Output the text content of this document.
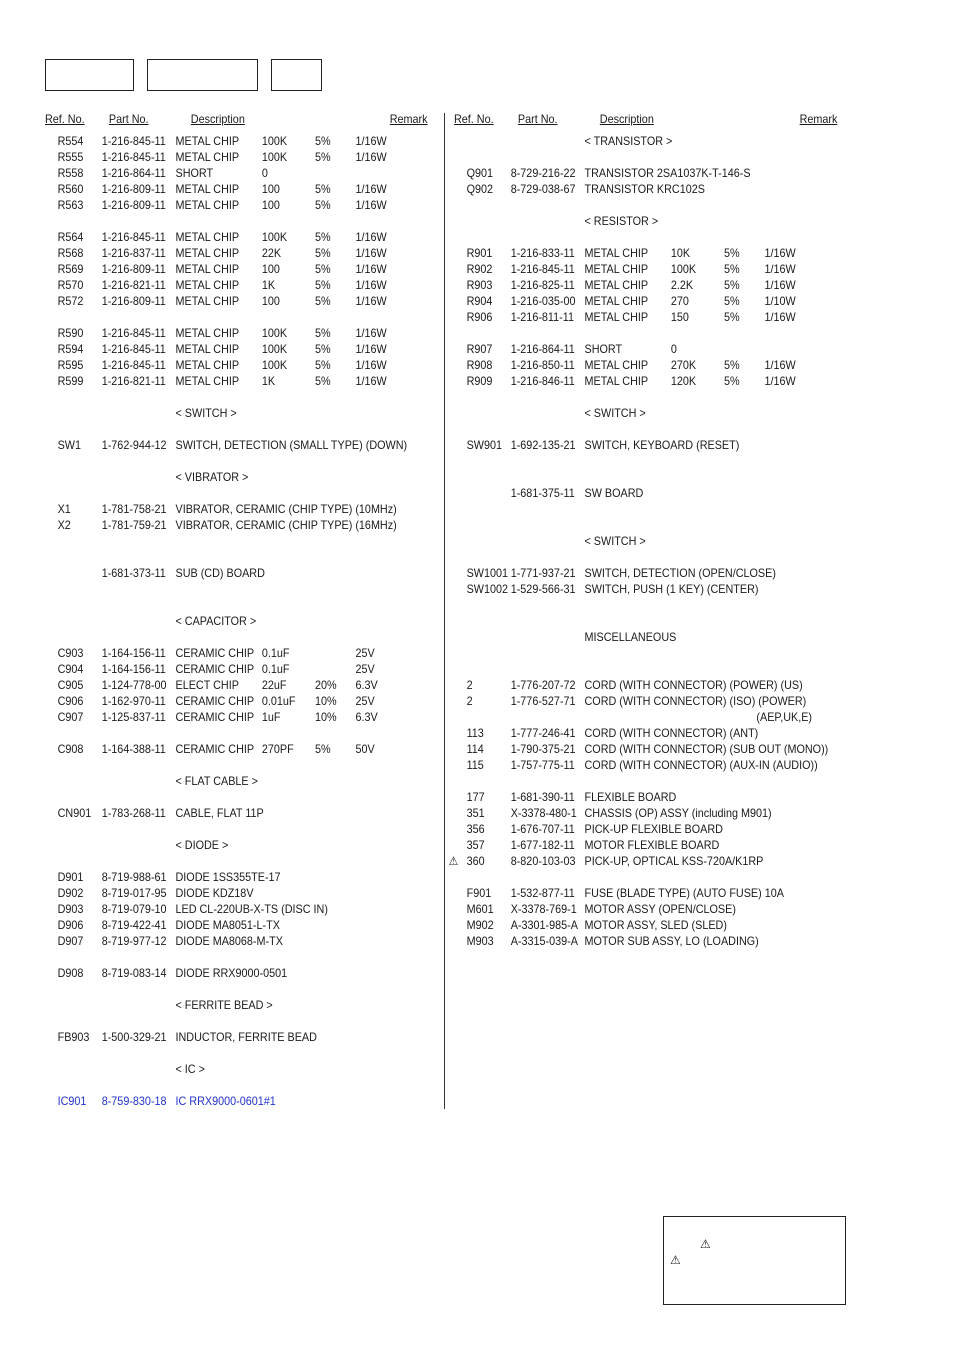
Ref. No. Part No.	Description	Remark
R554 1-216-845-11 METAL CHIP 100K 5% 1/16W
R555 1-216-845-11 METAL CHIP 100K 5% 1/16W
R558 1-216-864-11 SHORT	0
R560 1-216-809-11 METAL CHIP 100	5% 1/16W
R563 1-216-809-11 METAL CHIP 100	5% 1/16W
R564 1-216-845-11 METAL CHIP 100K 5% 1/16W
R568 1-216-837-11 METAL CHIP 22K	5% 1/16W
R569 1-216-809-11 METAL CHIP 100	5% 1/16W
R570 1-216-821-11 METAL CHIP 1K	5% 1/16W
R572 1-216-809-11 METAL CHIP 100	5% 1/16W
R590 1-216-845-11 METAL CHIP 100K 5% 1/16W
R594 1-216-845-11 METAL CHIP 100K 5% 1/16W
R595 1-216-845-11 METAL CHIP 100K 5% 1/16W
R599 1-216-821-11 METAL CHIP 1K	5% 1/16W
< SWITCH >
SW1 1-762-944-12 SWITCH, DETECTION (SMALL TYPE) (DOWN)
< VIBRATOR >
X1	1-781-758-21 VIBRATOR, CERAMIC (CHIP TYPE) (10MHz)
X2	1-781-759-21 VIBRATOR, CERAMIC (CHIP TYPE) (16MHz)
1-681-373-11 SUB (CD) BOARD
< CAPACITOR >
C903 1-164-156-11 CERAMIC CHIP 0.1uF	25V
C904 1-164-156-11 CERAMIC CHIP 0.1uF	25V
C905 1-124-778-00 ELECT CHIP 22uF 20% 6.3V
C906 1-162-970-11 CERAMIC CHIP 0.01uF 10% 25V
C907 1-125-837-11 CERAMIC CHIP 1uF	10% 6.3V
C908 1-164-388-11 CERAMIC CHIP 270PF 5% 50V
< FLAT CABLE >
CN901 1-783-268-11 CABLE, FLAT 11P
< DIODE >
D901 8-719-988-61 DIODE 1SS355TE-17
D902 8-719-017-95 DIODE KDZ18V
D903 8-719-079-10 LED CL-220UB-X-TS (DISC IN)
D906 8-719-422-41 DIODE MA8051-L-TX
D907 8-719-977-12 DIODE MA8068-M-TX
D908 8-719-083-14 DIODE RRX9000-0501
< FERRITE BEAD >
FB903 1-500-329-21 INDUCTOR, FERRITE BEAD
< IC >
IC901 8-759-830-18 IC RRX9000-0601#1
Ref. No. Part No.	Description	Remark
< TRANSISTOR >
Q901 8-729-216-22 TRANSISTOR 2SA1037K-T-146-S
Q902 8-729-038-67 TRANSISTOR KRC102S
< RESISTOR >
R901 1-216-833-11 METAL CHIP 10K	5% 1/16W
R902 1-216-845-11 METAL CHIP 100K 5% 1/16W
R903 1-216-825-11 METAL CHIP 2.2K	5% 1/16W
R904 1-216-035-00 METAL CHIP 270	5% 1/10W
R906 1-216-811-11 METAL CHIP 150	5% 1/16W
R907 1-216-864-11 SHORT	0
R908 1-216-850-11 METAL CHIP 270K 5% 1/16W
R909 1-216-846-11 METAL CHIP 120K 5% 1/16W
< SWITCH >
SW901 1-692-135-21 SWITCH, KEYBOARD (RESET)
1-681-375-11 SW BOARD
< SWITCH >
SW1001 1-771-937-21 SWITCH, DETECTION (OPEN/CLOSE)
SW1002 1-529-566-31 SWITCH, PUSH (1 KEY) (CENTER)
MISCELLANEOUS
2	1-776-207-72 CORD (WITH CONNECTOR) (POWER) (US)
2	1-776-527-71 CORD (WITH CONNECTOR) (ISO) (POWER)
(AEP,UK,E)
113 1-777-246-41 CORD (WITH CONNECTOR) (ANT)
114 1-790-375-21 CORD (WITH CONNECTOR) (SUB OUT (MONO))
115 1-757-775-11 CORD (WITH CONNECTOR) (AUX-IN (AUDIO))
177 1-681-390-11 FLEXIBLE BOARD
351 X-3378-480-1 CHASSIS (OP) ASSY (including M901)
356 1-676-707-11 PICK-UP FLEXIBLE BOARD
357 1-677-182-11 MOTOR FLEXIBLE BOARD
⚠ 360 8-820-103-03 PICK-UP, OPTICAL KSS-720A/K1RP
F901 1-532-877-11 FUSE (BLADE TYPE) (AUTO FUSE) 10A
M601 X-3378-769-1 MOTOR ASSY (OPEN/CLOSE)
M902 A-3301-985-A MOTOR ASSY, SLED (SLED)
M903 A-3315-039-A MOTOR SUB ASSY, LO (LOADING)
⚠
⚠
